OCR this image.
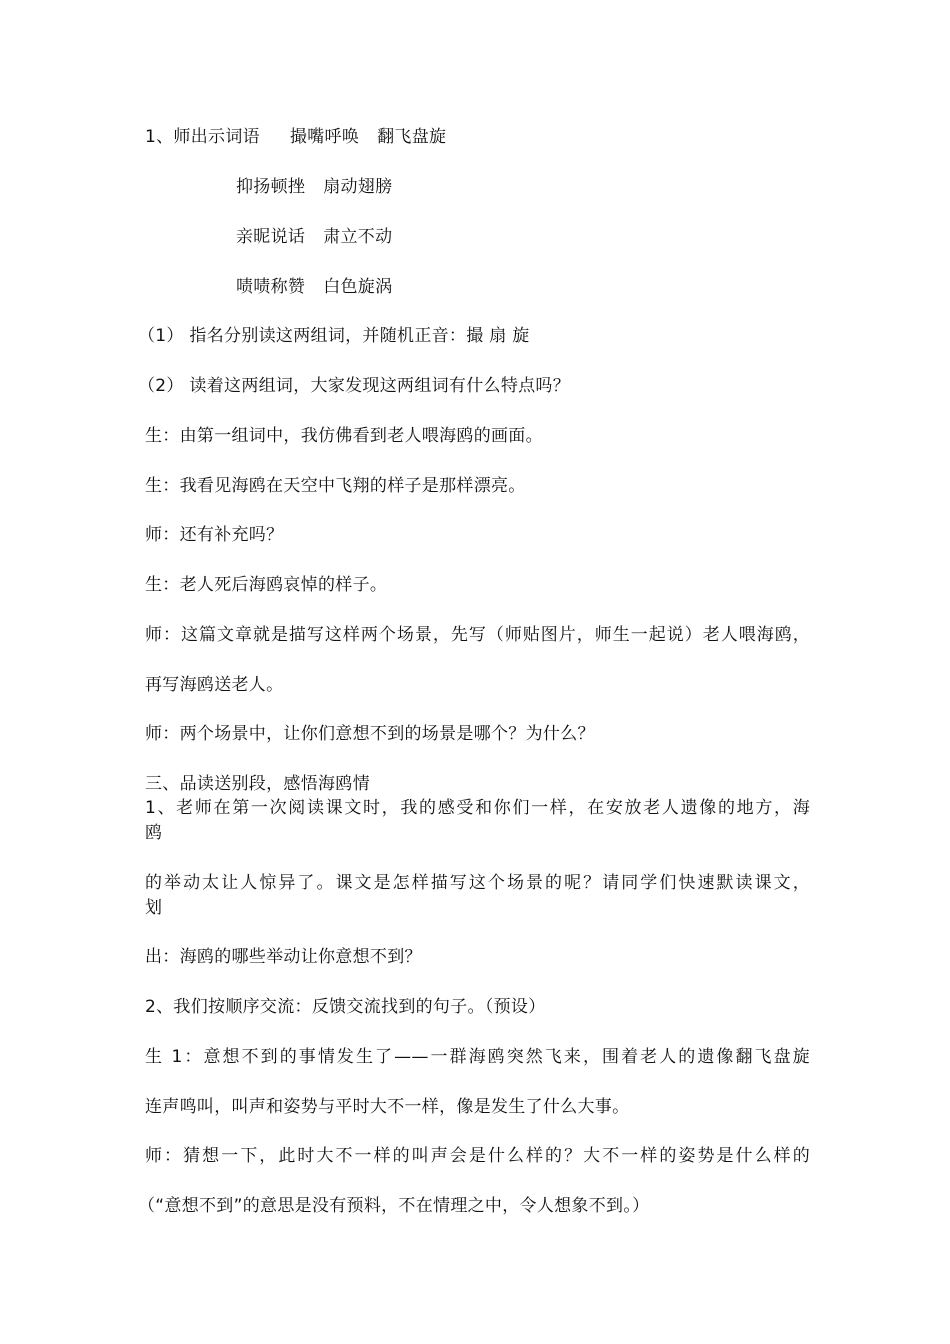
1、师出示词语 撮嘴呼唤 翻飞盘旋
抑扬顿挫 扇动翅膀
亲昵说话 肃立不动
啧啧称赞 白色旋涡
（1） 指名分别读这两组词，并随机正音：撮 扇 旋
（2） 读着这两组词，大家发现这两组词有什么特点吗？
生：由第一组词中，我仿佛看到老人喂海鸥的画面。
生：我看见海鸥在天空中飞翔的样子是那样漂亮。
师：还有补充吗？
生：老人死后海鸥哀悼的样子。
师：这篇文章就是描写这样两个场景，先写（师贴图片，师生一起说）老人喂海鸥，
再写海鸥送老人。
师：两个场景中，让你们意想不到的场景是哪个？为什么？
三、品读送别段，感悟海鸥情
1、老师在第一次阅读课文时，我的感受和你们一样，在安放老人遗像的地方，海
鸥
的举动太让人惊异了。课文是怎样描写这个场景的呢？请同学们快速默读课文，
划
出：海鸥的哪些举动让你意想不到？
2、我们按顺序交流：反馈交流找到的句子。（预设）
生 1：意想不到的事情发生了——一群海鸥突然飞来，围着老人的遗像翻飞盘旋
连声鸣叫，叫声和姿势与平时大不一样，像是发生了什么大事。
师：猜想一下，此时大不一样的叫声会是什么样的？大不一样的姿势是什么样的
（“意想不到”的意思是没有预料，不在情理之中，令人想象不到。）
